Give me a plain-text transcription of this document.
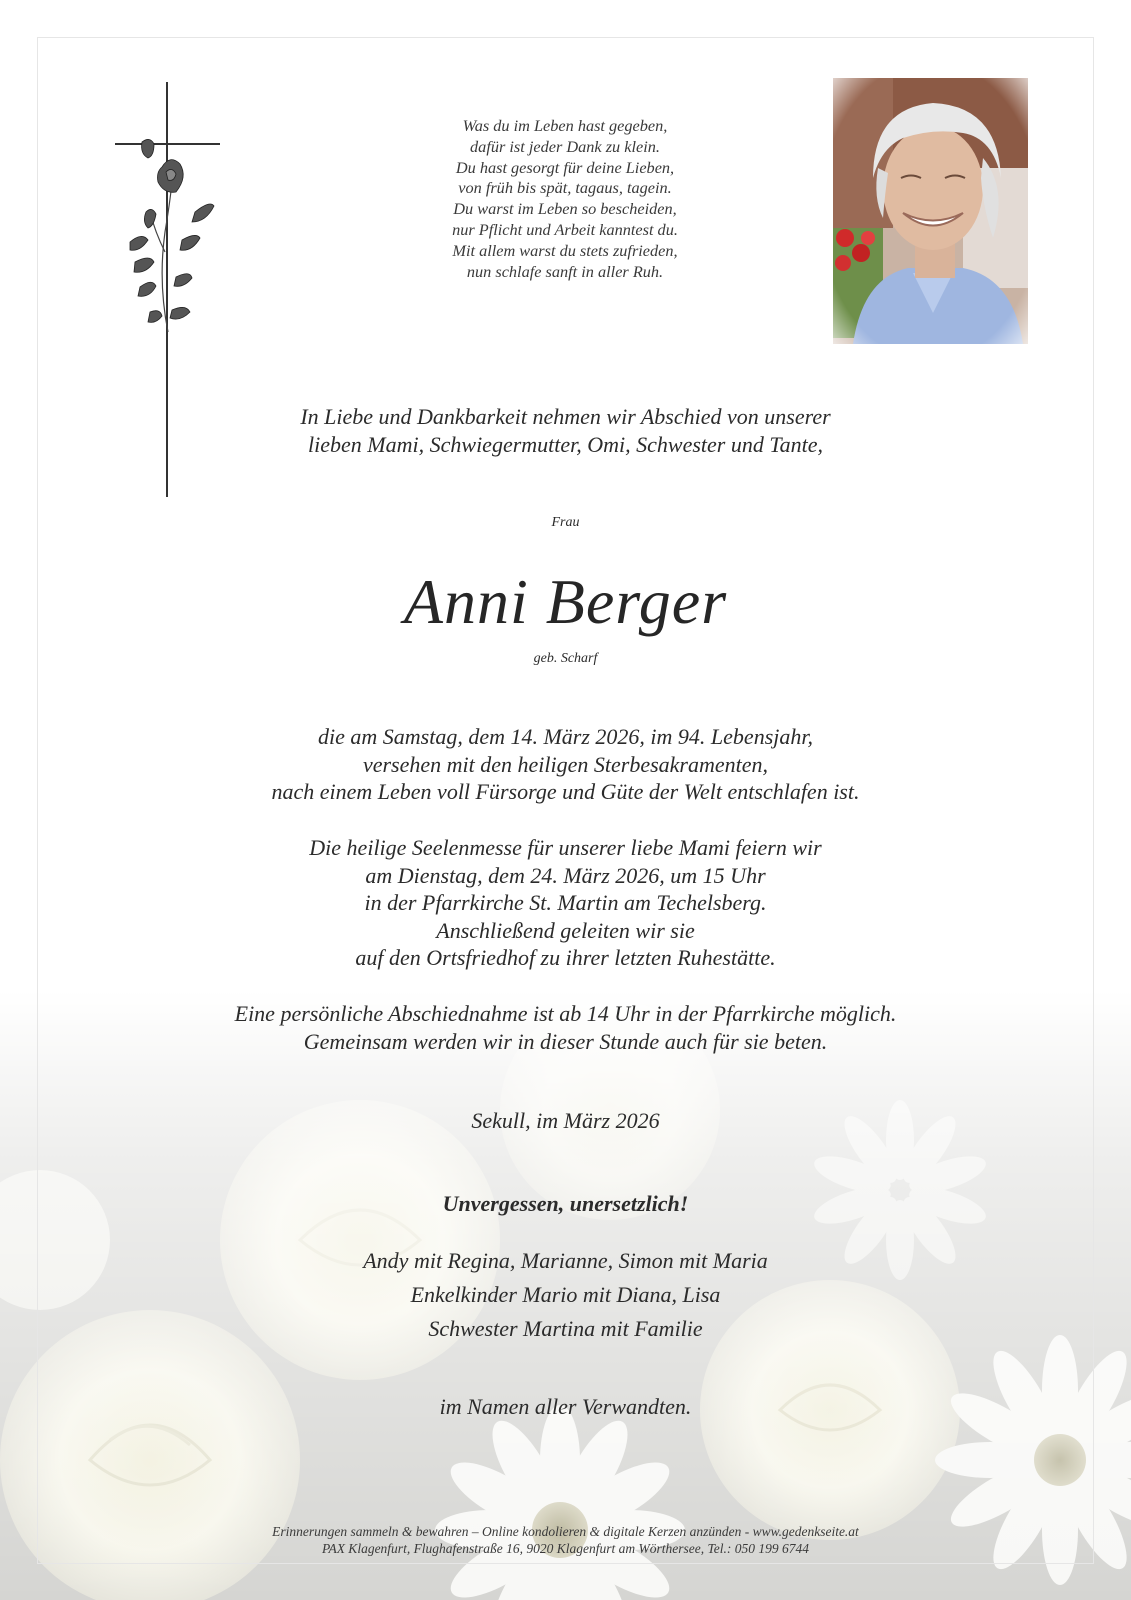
Was du im Leben hast gegeben,
dafür ist jeder Dank zu klein.
Du hast gesorgt für deine Lieben,
von früh bis spät, tagaus, tagein.
Du warst im Leben so bescheiden,
nur Pflicht und Arbeit kanntest du.
Mit allem warst du stets zufrieden,
nun schlafe sanft in aller Ruh.
In Liebe und Dankbarkeit nehmen wir Abschied von unserer
lieben Mami, Schwiegermutter, Omi, Schwester und Tante,
Frau
Anni Berger
geb. Scharf
die am Samstag, dem 14. März 2026, im 94. Lebensjahr,
versehen mit den heiligen Sterbesakramenten,
nach einem Leben voll Fürsorge und Güte der Welt entschlafen ist.
Die heilige Seelenmesse für unserer liebe Mami feiern wir
am Dienstag, dem 24. März 2026, um 15 Uhr
in der Pfarrkirche St. Martin am Techelsberg.
Anschließend geleiten wir sie
auf den Ortsfriedhof zu ihrer letzten Ruhestätte.
Eine persönliche Abschiednahme ist ab 14 Uhr in der Pfarrkirche möglich.
Gemeinsam werden wir in dieser Stunde auch für sie beten.
Sekull, im März 2026
Unvergessen, unersetzlich!
Andy mit Regina, Marianne, Simon mit Maria
Enkelkinder Mario mit Diana, Lisa
Schwester Martina mit Familie
im Namen aller Verwandten.
Erinnerungen sammeln & bewahren – Online kondolieren & digitale Kerzen anzünden - www.gedenkseite.at
PAX Klagenfurt, Flughafenstraße 16, 9020 Klagenfurt am Wörthersee, Tel.: 050 199 6744
